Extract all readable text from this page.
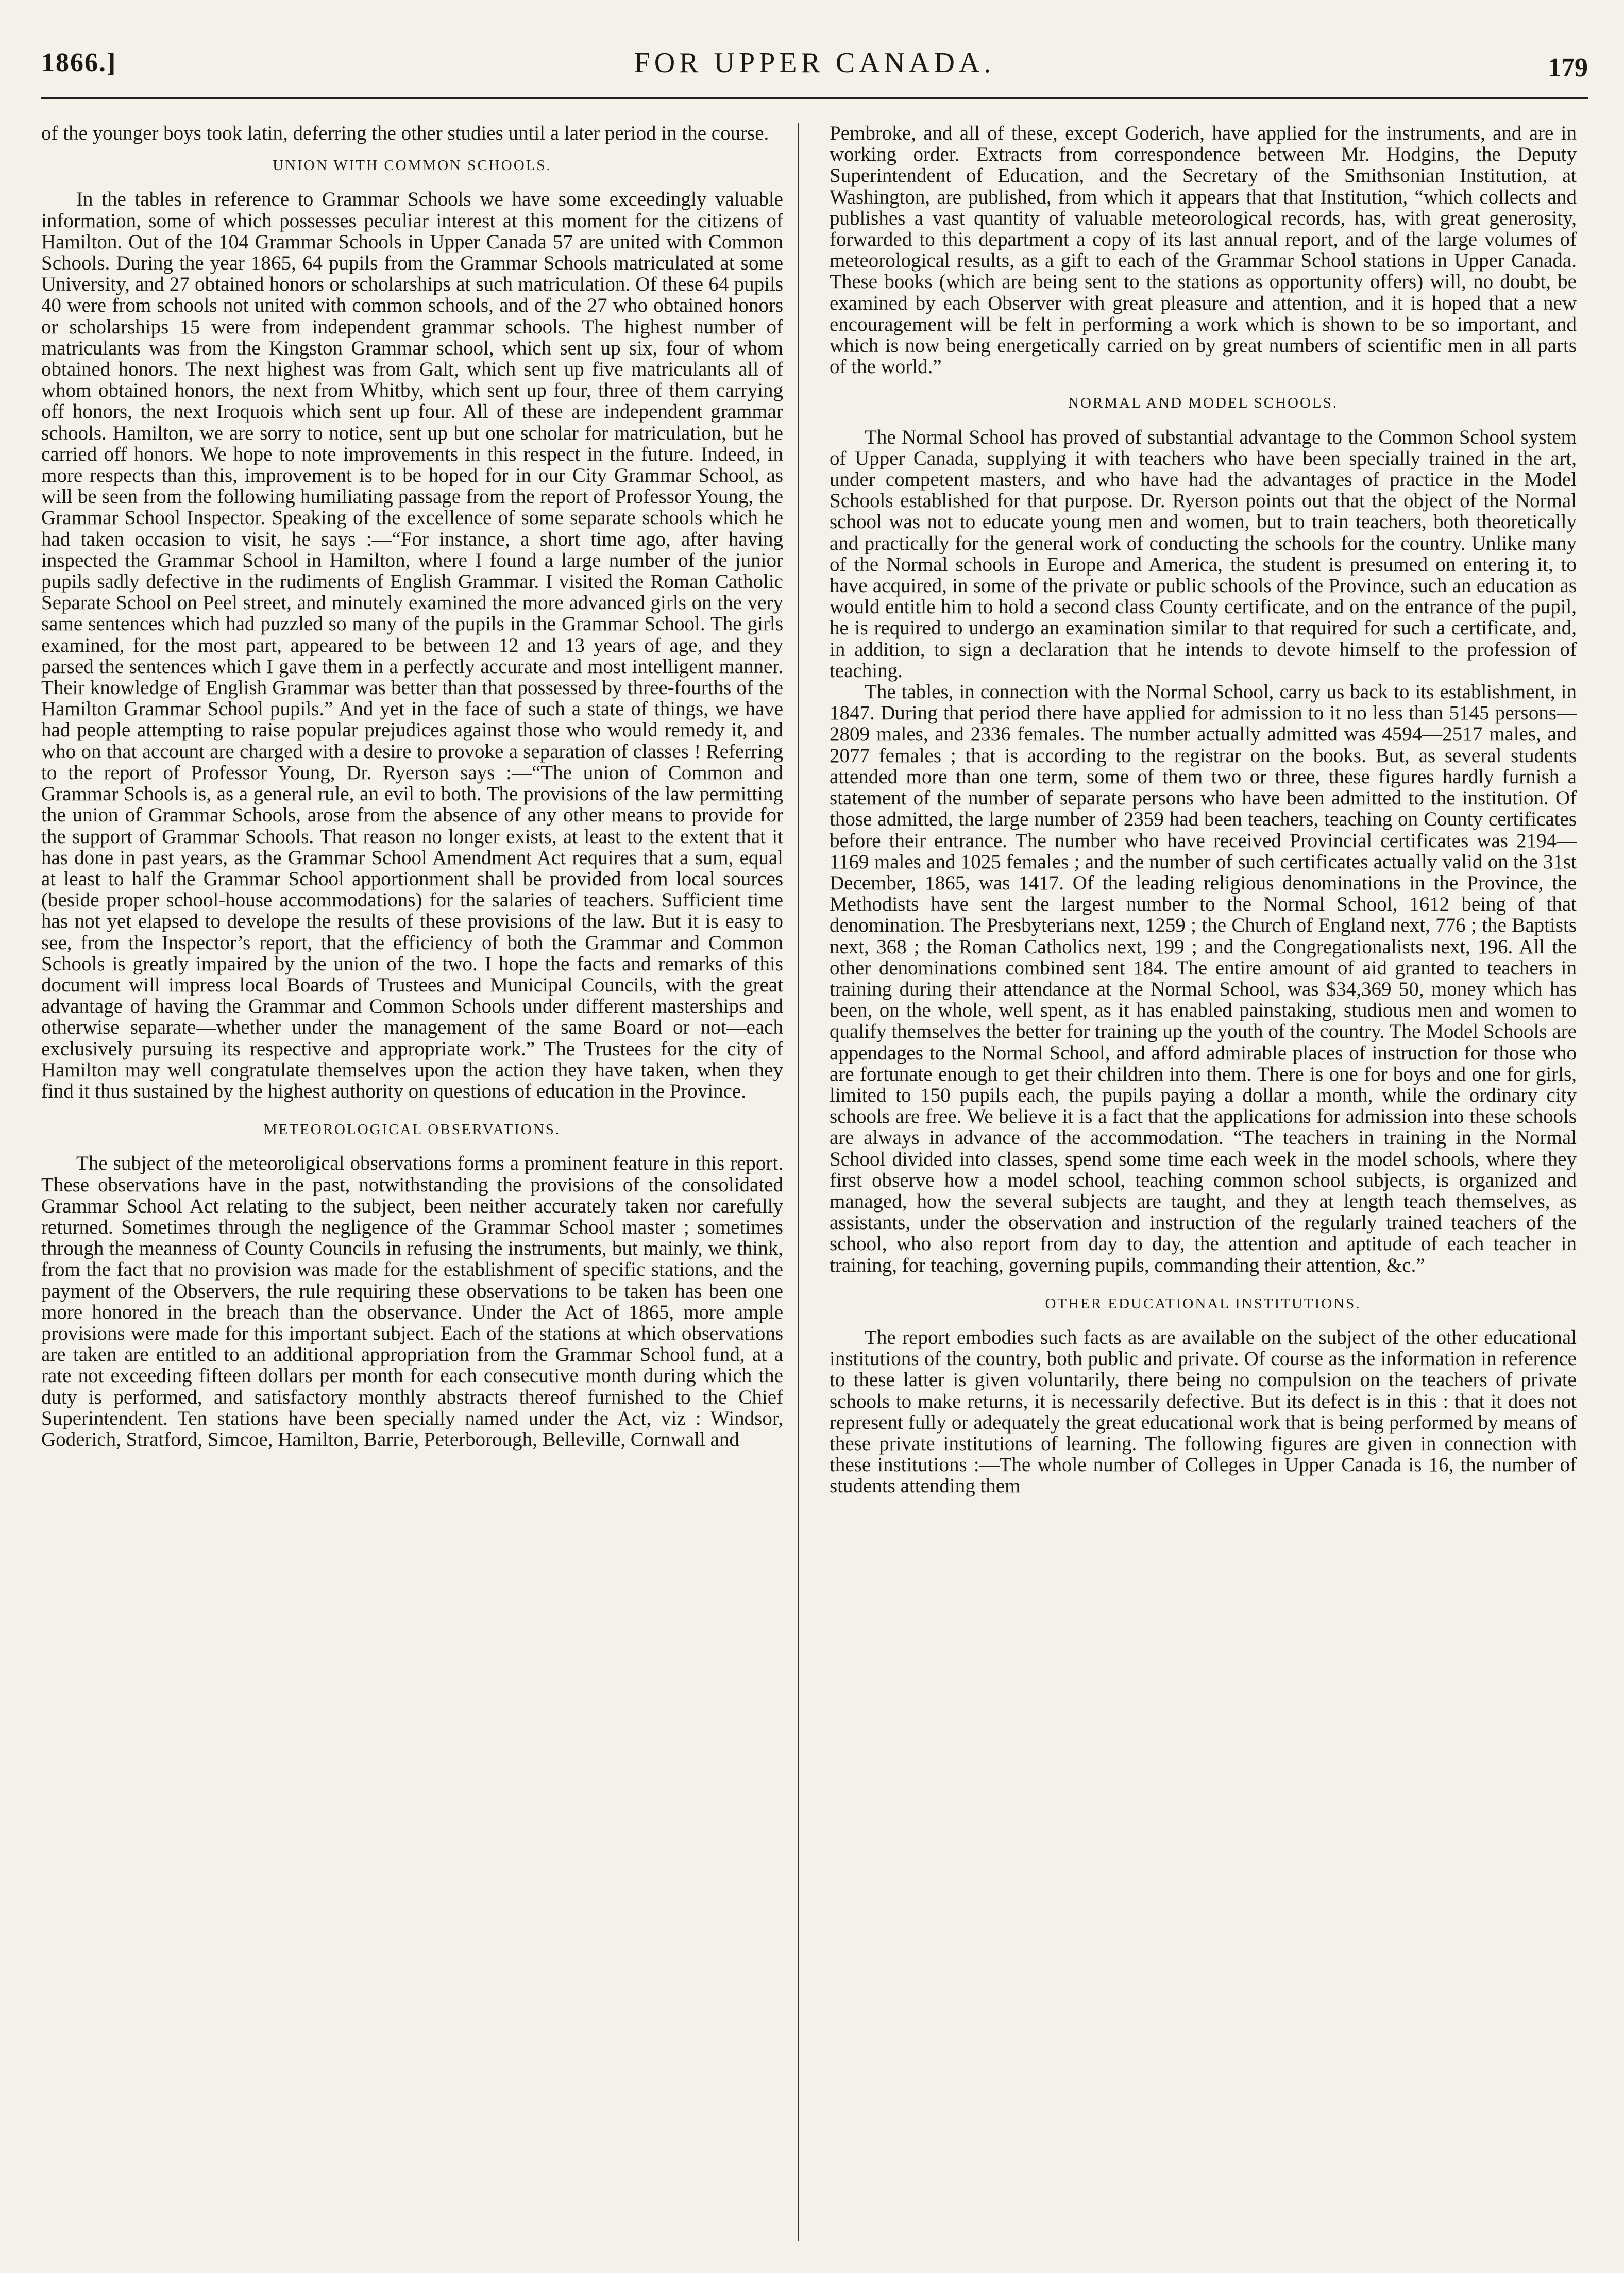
1866.]	FOR UPPER CANADA.	179

of the younger boys took latin, deferring the other studies until a later period in the course.

UNION WITH COMMON SCHOOLS.

In the tables in reference to Grammar Schools we have some exceedingly valuable information, some of which possesses peculiar interest at this moment for the citizens of Hamilton. Out of the 104 Grammar Schools in Upper Canada 57 are united with Common Schools. During the year 1865, 64 pupils from the Grammar Schools matriculated at some University, and 27 obtained honors or scholarships at such matriculation. Of these 64 pupils 40 were from schools not united with common schools, and of the 27 who obtained honors or scholarships 15 were from independent grammar schools. The highest number of matriculants was from the Kingston Grammar school, which sent up six, four of whom obtained honors. The next highest was from Galt, which sent up five matriculants all of whom obtained honors, the next from Whitby, which sent up four, three of them carrying off honors, the next Iroquois which sent up four. All of these are independent grammar schools. Hamilton, we are sorry to notice, sent up but one scholar for matriculation, but he carried off honors. We hope to note improvements in this respect in the future. Indeed, in more respects than this, improvement is to be hoped for in our City Grammar School, as will be seen from the following humiliating passage from the report of Professor Young, the Grammar School Inspector. Speaking of the excellence of some separate schools which he had taken occasion to visit, he says :—“For instance, a short time ago, after having inspected the Grammar School in Hamilton, where I found a large number of the junior pupils sadly defective in the rudiments of English Grammar. I visited the Roman Catholic Separate School on Peel street, and minutely examined the more advanced girls on the very same sentences which had puzzled so many of the pupils in the Grammar School. The girls examined, for the most part, appeared to be between 12 and 13 years of age, and they parsed the sentences which I gave them in a perfectly accurate and most intelligent manner. Their knowledge of English Grammar was better than that possessed by three-fourths of the Hamilton Grammar School pupils.” And yet in the face of such a state of things, we have had people attempting to raise popular prejudices against those who would remedy it, and who on that account are charged with a desire to provoke a separation of classes ! Referring to the report of Professor Young, Dr. Ryerson says :—“The union of Common and Grammar Schools is, as a general rule, an evil to both. The provisions of the law permitting the union of Grammar Schools, arose from the absence of any other means to provide for the support of Grammar Schools. That reason no longer exists, at least to the extent that it has done in past years, as the Grammar School Amendment Act requires that a sum, equal at least to half the Grammar School apportionment shall be provided from local sources (beside proper school-house accommodations) for the salaries of teachers. Sufficient time has not yet elapsed to develope the results of these provisions of the law. But it is easy to see, from the Inspector’s report, that the efficiency of both the Grammar and Common Schools is greatly impaired by the union of the two. I hope the facts and remarks of this document will impress local Boards of Trustees and Municipal Councils, with the great advantage of having the Grammar and Common Schools under different masterships and otherwise separate—whether under the management of the same Board or not—each exclusively pursuing its respective and appropriate work.” The Trustees for the city of Hamilton may well congratulate themselves upon the action they have taken, when they find it thus sustained by the highest authority on questions of education in the Province.

METEOROLOGICAL OBSERVATIONS.

The subject of the meteoroligical observations forms a prominent feature in this report. These observations have in the past, notwithstanding the provisions of the consolidated Grammar School Act relating to the subject, been neither accurately taken nor carefully returned. Sometimes through the negligence of the Grammar School master ; sometimes through the meanness of County Councils in refusing the instruments, but mainly, we think, from the fact that no provision was made for the establishment of specific stations, and the payment of the Observers, the rule requiring these observations to be taken has been one more honored in the breach than the observance. Under the Act of 1865, more ample provisions were made for this important subject. Each of the stations at which observations are taken are entitled to an additional appropriation from the Grammar School fund, at a rate not exceeding fifteen dollars per month for each consecutive month during which the duty is performed, and satisfactory monthly abstracts thereof furnished to the Chief Superintendent. Ten stations have been specially named under the Act, viz : Windsor, Goderich, Stratford, Simcoe, Hamilton, Barrie, Peterborough, Belleville, Cornwall and

Pembroke, and all of these, except Goderich, have applied for the instruments, and are in working order. Extracts from correspondence between Mr. Hodgins, the Deputy Superintendent of Education, and the Secretary of the Smithsonian Institution, at Washington, are published, from which it appears that that Institution, “which collects and publishes a vast quantity of valuable meteorological records, has, with great generosity, forwarded to this department a copy of its last annual report, and of the large volumes of meteorological results, as a gift to each of the Grammar School stations in Upper Canada. These books (which are being sent to the stations as opportunity offers) will, no doubt, be examined by each Observer with great pleasure and attention, and it is hoped that a new encouragement will be felt in performing a work which is shown to be so important, and which is now being energetically carried on by great numbers of scientific men in all parts of the world.”

NORMAL AND MODEL SCHOOLS.

The Normal School has proved of substantial advantage to the Common School system of Upper Canada, supplying it with teachers who have been specially trained in the art, under competent masters, and who have had the advantages of practice in the Model Schools established for that purpose. Dr. Ryerson points out that the object of the Normal school was not to educate young men and women, but to train teachers, both theoretically and practically for the general work of conducting the schools for the country. Unlike many of the Normal schools in Europe and America, the student is presumed on entering it, to have acquired, in some of the private or public schools of the Province, such an education as would entitle him to hold a second class County certificate, and on the entrance of the pupil, he is required to undergo an examination similar to that required for such a certificate, and, in addition, to sign a declaration that he intends to devote himself to the profession of teaching.

The tables, in connection with the Normal School, carry us back to its establishment, in 1847. During that period there have applied for admission to it no less than 5145 persons—2809 males, and 2336 females. The number actually admitted was 4594—2517 males, and 2077 females ; that is according to the registrar on the books. But, as several students attended more than one term, some of them two or three, these figures hardly furnish a statement of the number of separate persons who have been admitted to the institution. Of those admitted, the large number of 2359 had been teachers, teaching on County certificates before their entrance. The number who have received Provincial certificates was 2194—1169 males and 1025 females ; and the number of such certificates actually valid on the 31st December, 1865, was 1417. Of the leading religious denominations in the Province, the Methodists have sent the largest number to the Normal School, 1612 being of that denomination. The Presbyterians next, 1259 ; the Church of England next, 776 ; the Baptists next, 368 ; the Roman Catholics next, 199 ; and the Congregationalists next, 196. All the other denominations combined sent 184. The entire amount of aid granted to teachers in training during their attendance at the Normal School, was $34,369 50, money which has been, on the whole, well spent, as it has enabled painstaking, studious men and women to qualify themselves the better for training up the youth of the country. The Model Schools are appendages to the Normal School, and afford admirable places of instruction for those who are fortunate enough to get their children into them. There is one for boys and one for girls, limited to 150 pupils each, the pupils paying a dollar a month, while the ordinary city schools are free. We believe it is a fact that the applications for admission into these schools are always in advance of the accommodation. “The teachers in training in the Normal School divided into classes, spend some time each week in the model schools, where they first observe how a model school, teaching common school subjects, is organized and managed, how the several subjects are taught, and they at length teach themselves, as assistants, under the observation and instruction of the regularly trained teachers of the school, who also report from day to day, the attention and aptitude of each teacher in training, for teaching, governing pupils, commanding their attention, &c.”

OTHER EDUCATIONAL INSTITUTIONS.

The report embodies such facts as are available on the subject of the other educational institutions of the country, both public and private. Of course as the information in reference to these latter is given voluntarily, there being no compulsion on the teachers of private schools to make returns, it is necessarily defective. But its defect is in this : that it does not represent fully or adequately the great educational work that is being performed by means of these private institutions of learning. The following figures are given in connection with these institutions :—The whole number of Colleges in Upper Canada is 16, the number of students attending them
